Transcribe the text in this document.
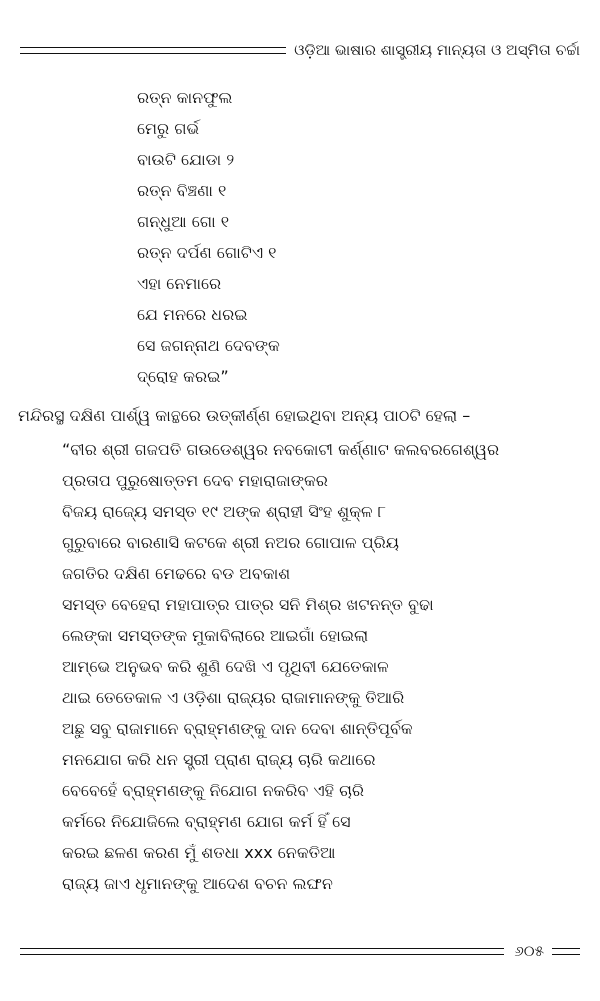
ଓଡ଼ିଆ ଭାଷାର ଶାସ୍ତ୍ରୀୟ ମାନ୍ୟତା ଓ ଅସ୍ମିତା ଚର୍ଚ୍ଚା
ରତ୍ନ କାନଫୁଲ
ମେରୁ ଗର୍ଭ
ବାଉଟି ଯୋଡା ୨
ରତ୍ନ ବିଞ୍ଚଣା ୧
ଗନ୍ଧୁଆ ଗୋ ୧
ରତ୍ନ ଦର୍ପଣ ଗୋଟିଏ ୧
ଏହା ନେମାରେ
ଯେ ମନରେ ଧରଇ
ସେ ଜଗନ୍ନାଥ ଦେବଙ୍କ
ଦ୍ରୋହ କରଇ”
ମନ୍ଦିରସ୍ଥ ଦକ୍ଷିଣ ପାର୍ଶ୍ୱ କାନ୍ଥରେ ଉତ୍କୀର୍ଣ୍ଣ ହୋଇଥିବା ଅନ୍ୟ ପାଠଟି ହେଲା –
“ବୀର ଶ୍ରୀ ଗଜପତି ଗଉଡେଶ୍ୱର ନବକୋଟୀ କର୍ଣ୍ଣାଟ କଲବରଗେଶ୍ୱର
ପ୍ରତାପ ପୁରୁଷୋତ୍ତମ ଦେବ ମହାରାଜାଙ୍କର
ବିଜୟ ରାଜ୍ୟେ ସମସ୍ତ ୧୯ ଅଙ୍କ ଶ୍ରାହୀ ସିଂହ ଶୁକ୍ଳ ୮
ଗୁରୁବାରେ ବାରଣାସି କଟକେ ଶ୍ରୀ ନଅର ଗୋପାଳ ପ୍ରିୟ
ଜଗତିର ଦକ୍ଷିଣ ମେଢରେ ବଡ ଅବକାଶ
ସମସ୍ତ ବେହେରା ମହାପାତ୍ର ପାତ୍ର ସନି ମିଶ୍ର ଖଟନନ୍ତ ବୁଢା
ଲେଙ୍କା ସମସ୍ତଙ୍କ ମୁକାବିଲାରେ ଆଇଗାଁ ହୋଇଲା
ଆମ୍ଭେ ଅନୁଭବ କରି ଶୁଣି ଦେଖି ଏ ପୃଥିବୀ ଯେତେକାଳ
ଥାଇ ତେତେକାଳ ଏ ଓଡ଼ିଶା ରାଜ୍ୟର ରାଜାମାନଙ୍କୁ ତିଆରି
ଅଛୁ ସବୁ ରାଜାମାନେ ବ୍ରାହ୍ମଣଙ୍କୁ ଦାନ ଦେବା ଶାନ୍ତିପୂର୍ବକ
ମନଯୋଗ କରି ଧନ ସ୍ତ୍ରୀ ପ୍ରାଣ ରାଜ୍ୟ ଚାରି କଥାରେ
ବେବେହେଁ ବ୍ରାହ୍ମଣଙ୍କୁ ନିଯୋଗ ନକରିବ ଏହି ଚାରି
କର୍ମରେ ନିଯୋଜିଲେ ବ୍ରାହ୍ମଣ ଯୋଗ କର୍ମ ହିଁ ସେ
କରଇ ଛଳଣ କରଣ ମୁଁ ଶତଧା xxx ନେକତିଆ
ରାଜ୍ୟ ଜାଏ ଧୃମାନଙ୍କୁ ଆଦେଶ ବଚନ ଲଙ୍ଘନ
୬୦୫
